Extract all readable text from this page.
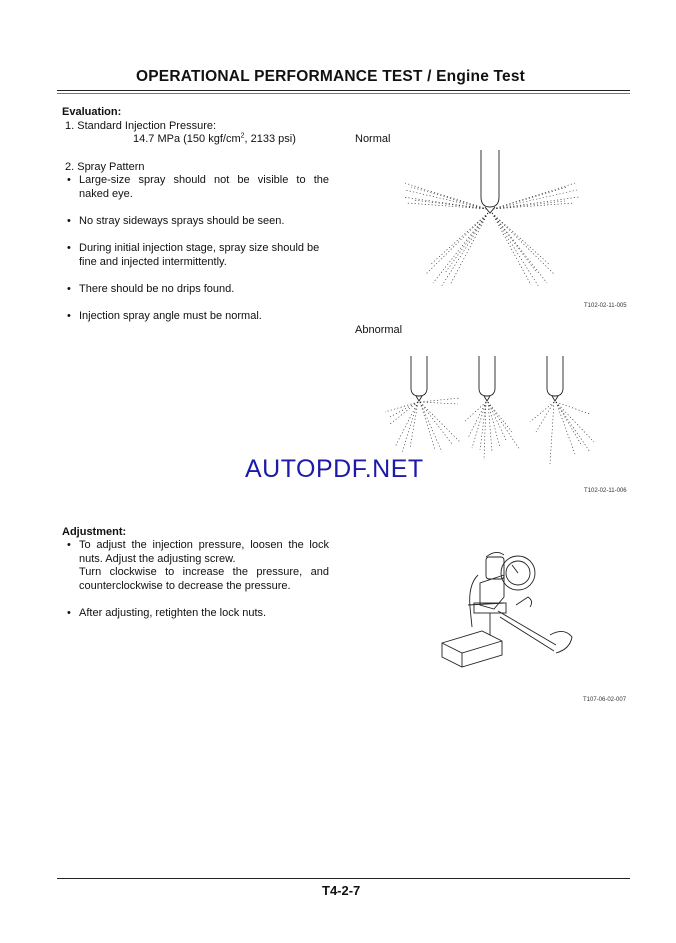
OPERATIONAL PERFORMANCE TEST / Engine Test
Evaluation:
1. Standard Injection Pressure:
14.7 MPa (150 kgf/$cm^2$, 2133 psi)
2. Spray Pattern
• Large-size spray should not be visible to the
naked eye.
• No stray sideways sprays should be seen.
• During initial injection stage, spray size should be
fine and injected intermittently.
• There should be no drips found.
• Injection spray angle must be normal.
Normal
T102-02-11-005
Abnormal
AUTOPDF.NET
T102-02-11-006
Adjustment:
• To adjust the injection pressure, loosen the lock
nuts. Adjust the adjusting screw.
Turn clockwise to increase the pressure, and
counterclockwise to decrease the pressure.
• After adjusting, retighten the lock nuts.
T107-06-02-007
T4-2-7
